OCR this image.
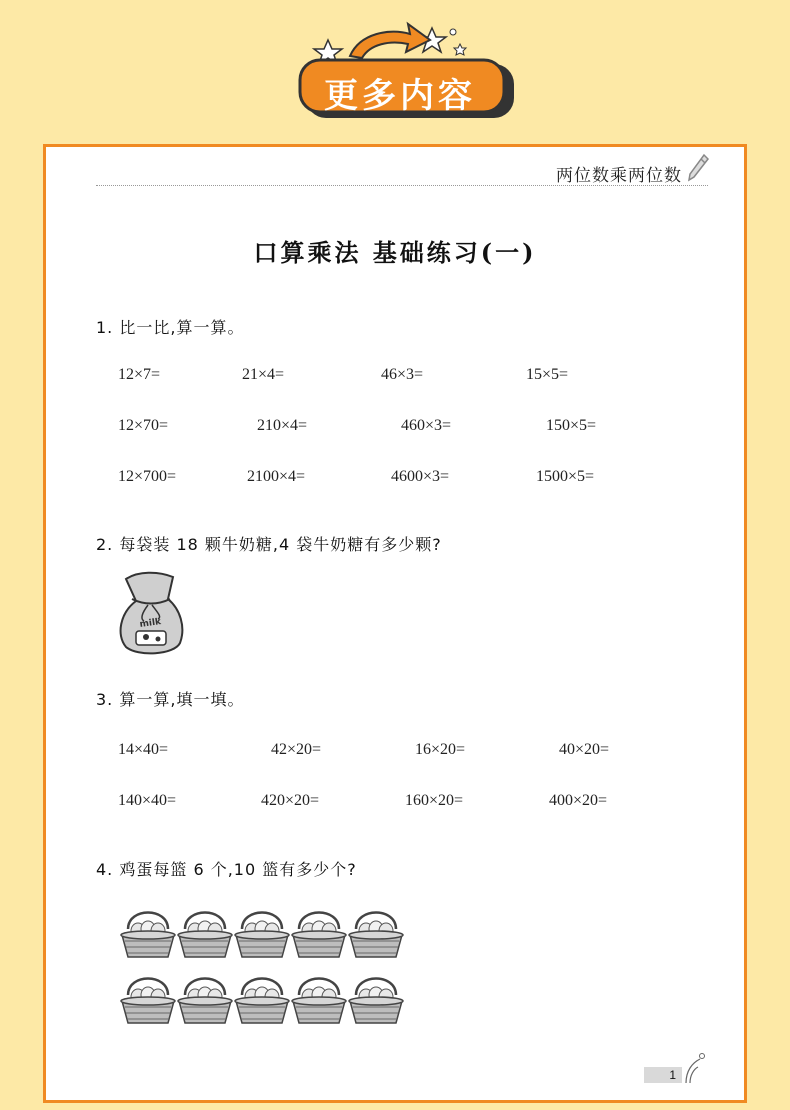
更多内容
两位数乘两位数
口算乘法 基础练习(一)
1. 比一比,算一算。
12×7=	21×4=	46×3=	15×5=
12×70=	210×4=	460×3=	150×5=
12×700=	2100×4=	4600×3=	1500×5=
2. 每袋装 18 颗牛奶糖,4 袋牛奶糖有多少颗?
milk
3. 算一算,填一填。
14×40=	42×20=	16×20=	40×20=
140×40=	420×20=	160×20=	400×20=
4. 鸡蛋每篮 6 个,10 篮有多少个?
1
